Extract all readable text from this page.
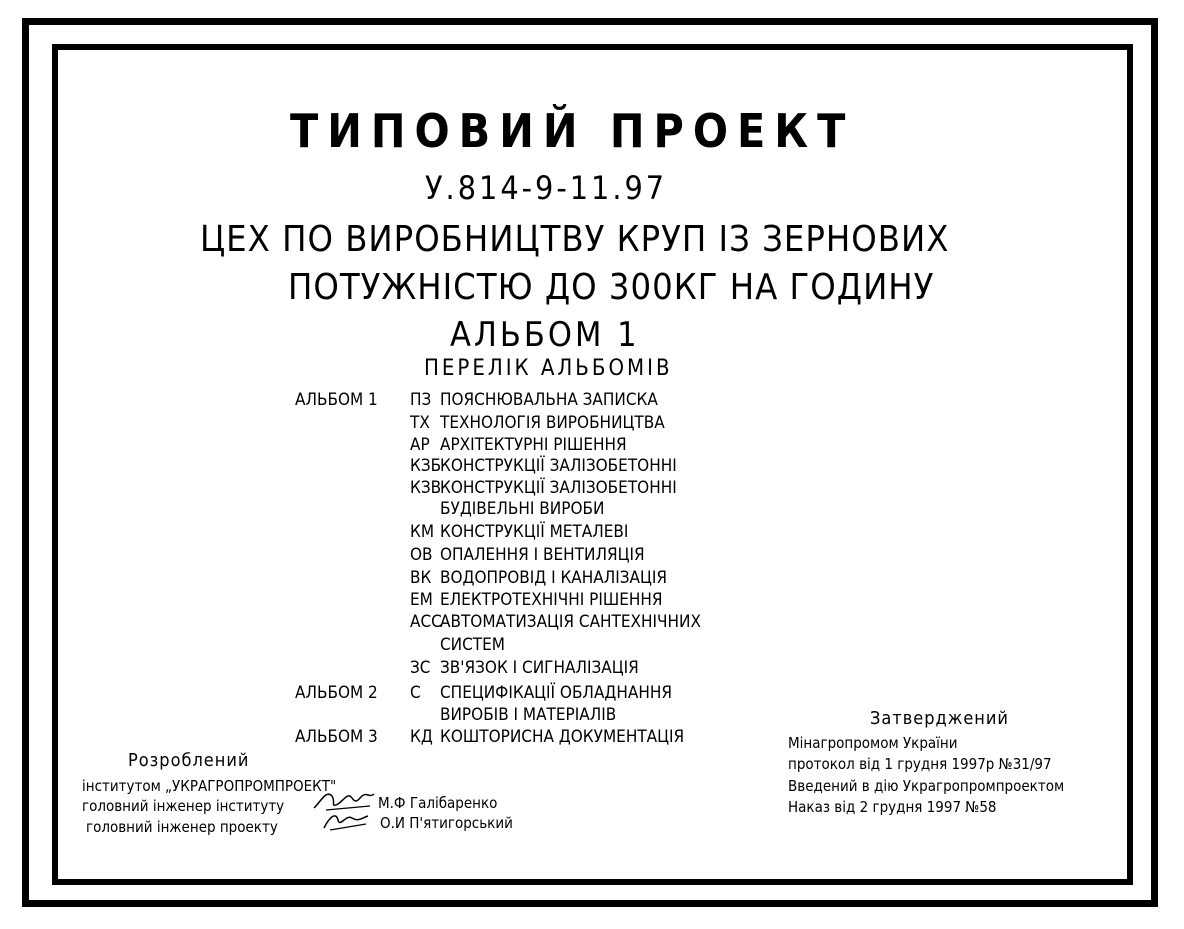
ТИПОВИЙ ПРОЕКТ
У.814-9-11.97
ЦЕХ ПО ВИРОБНИЦТВУ КРУП ІЗ ЗЕРНОВИХ
ПОТУЖНІСТЮ ДО 300КГ НА ГОДИНУ
АЛЬБОМ 1
ПЕРЕЛІК АЛЬБОМІВ
АЛЬБОМ 1
АЛЬБОМ 2
АЛЬБОМ 3
ПЗ ПОЯСНЮВАЛЬНА ЗАПИСКА
ТХ ТЕХНОЛОГІЯ ВИРОБНИЦТВА
АР АРХІТЕКТУРНІ РІШЕННЯ
КЗБ
КОНСТРУКЦІЇ ЗАЛІЗОБЕТОННІ
КЗВ
КОНСТРУКЦІЇ ЗАЛІЗОБЕТОННІ
БУДІВЕЛЬНІ ВИРОБИ
КМ КОНСТРУКЦІЇ МЕТАЛЕВІ
ОВ ОПАЛЕННЯ І ВЕНТИЛЯЦІЯ
ВК ВОДОПРОВІД І КАНАЛІЗАЦІЯ
ЕМ ЕЛЕКТРОТЕХНІЧНІ РІШЕННЯ
АСС
АВТОМАТИЗАЦІЯ САНТЕХНІЧНИХ
СИСТЕМ
ЗС ЗВ'ЯЗОК І СИГНАЛІЗАЦІЯ
С СПЕЦИФІКАЦІЇ ОБЛАДНАННЯ
ВИРОБІВ І МАТЕРІАЛІВ
КД КОШТОРИСНА ДОКУМЕНТАЦІЯ
Розроблений
інститутом „УКРАГРОПРОМПРОЕКТ"
головний інженер інституту	М.Ф Галібаренко
головний інженер проекту	О.И П'ятигорський
Затверджений
Мінагропромом України
протокол від 1 грудня 1997р №31/97
Введений в дію Украгропромпроектом
Наказ від 2 грудня 1997 №58
